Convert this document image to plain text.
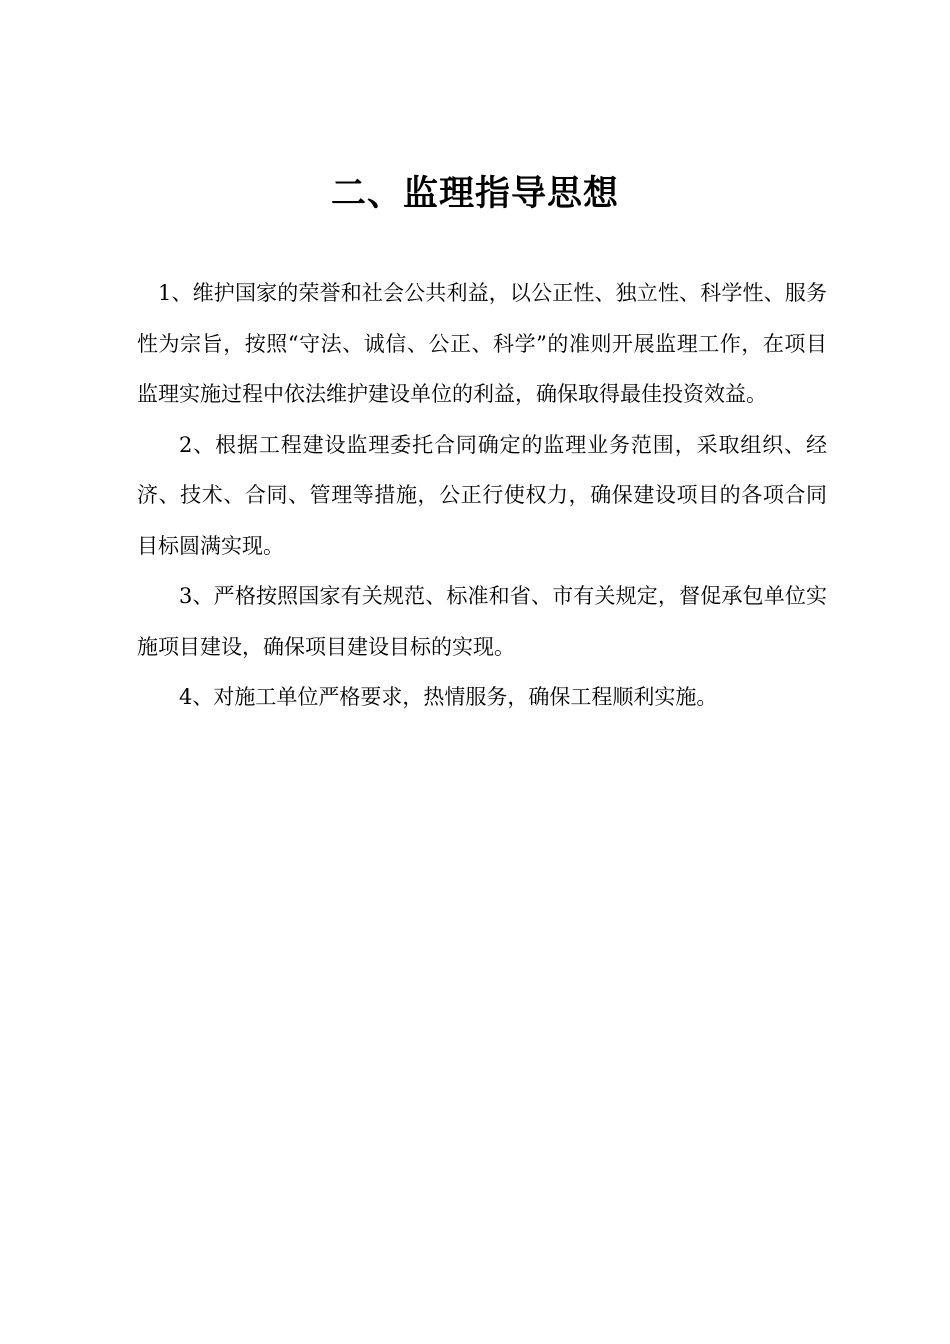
二、监理指导思想

1、维护国家的荣誉和社会公共利益，以公正性、独立性、科学性、服务性为宗旨，按照“守法、诚信、公正、科学”的准则开展监理工作，在项目监理实施过程中依法维护建设单位的利益，确保取得最佳投资效益。

2、根据工程建设监理委托合同确定的监理业务范围，采取组织、经济、技术、合同、管理等措施，公正行使权力，确保建设项目的各项合同目标圆满实现。

3、严格按照国家有关规范、标准和省、市有关规定，督促承包单位实施项目建设，确保项目建设目标的实现。

4、对施工单位严格要求，热情服务，确保工程顺利实施。
